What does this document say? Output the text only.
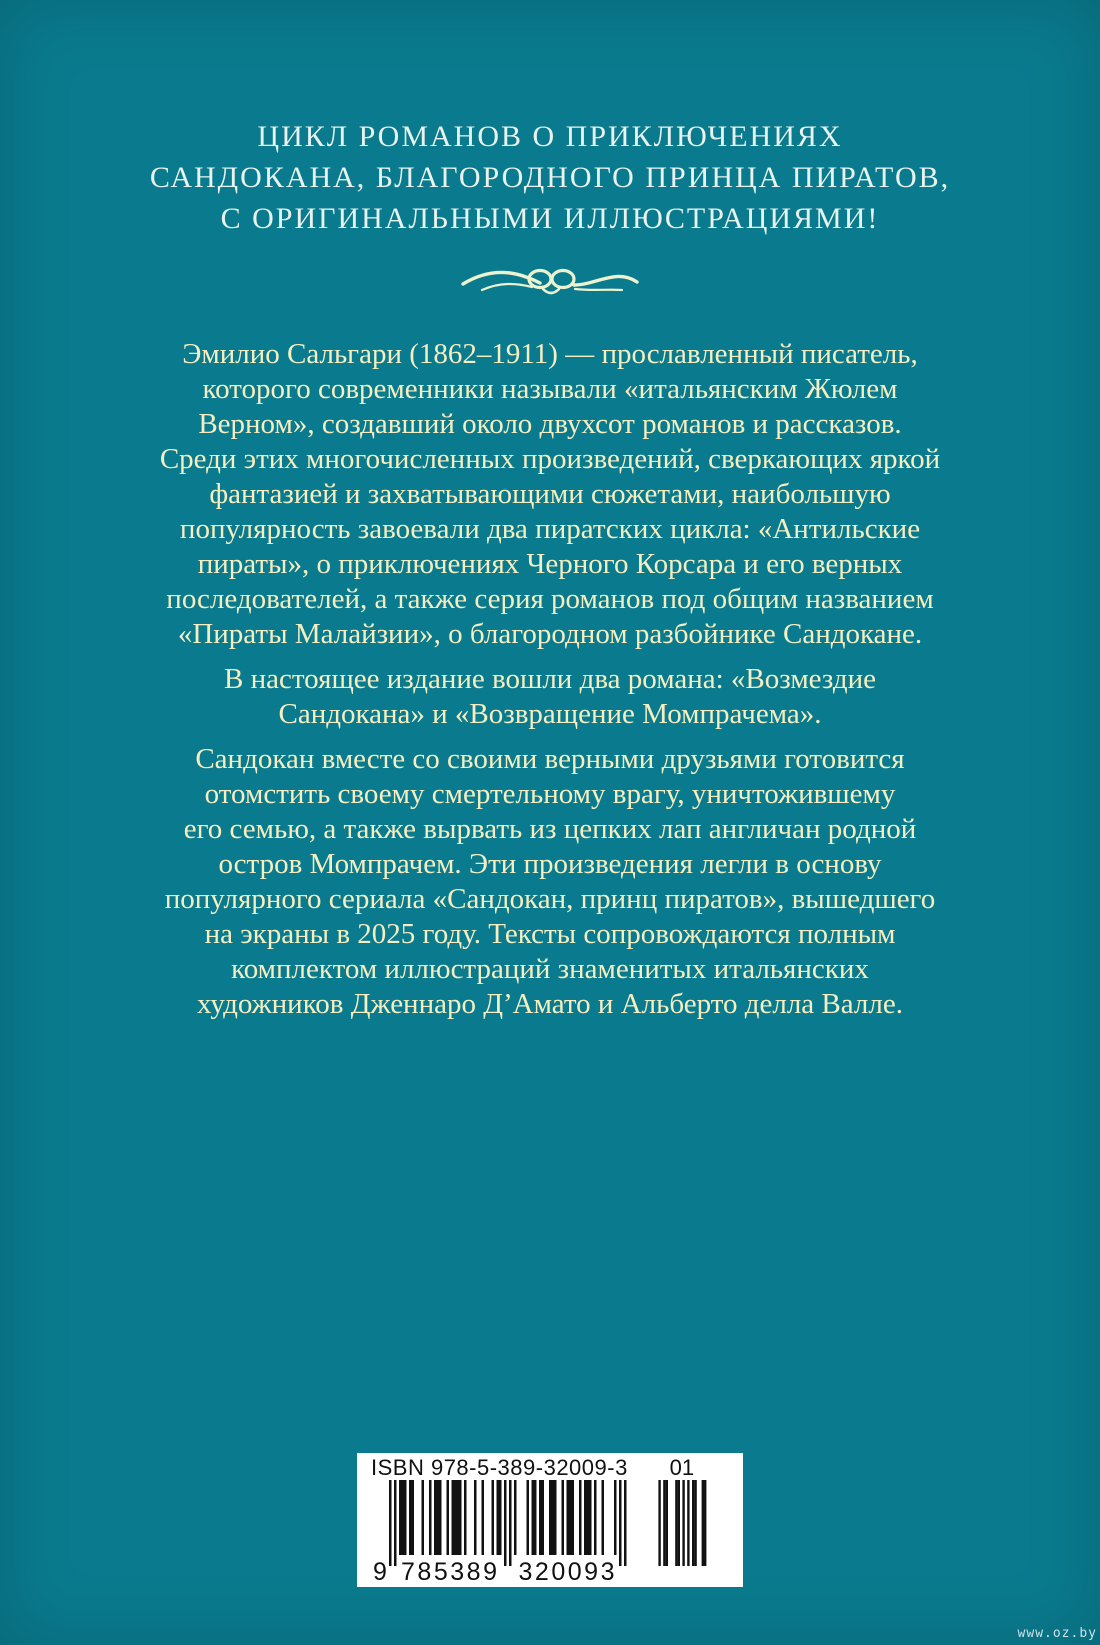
ЦИКЛ РОМАНОВ О ПРИКЛЮЧЕНИЯХ
САНДОКАНА, БЛАГОРОДНОГО ПРИНЦА ПИРАТОВ,
С ОРИГИНАЛЬНЫМИ ИЛЛЮСТРАЦИЯМИ!
Эмилио Сальгари (1862–1911) — прославленный писатель,
которого современники называли «итальянским Жюлем
Верном», создавший около двухсот романов и рассказов.
Среди этих многочисленных произведений, сверкающих яркой
фантазией и захватывающими сюжетами, наибольшую
популярность завоевали два пиратских цикла: «Антильские
пираты», о приключениях Черного Корсара и его верных
последователей, а также серия романов под общим названием
«Пираты Малайзии», о благородном разбойнике Сандокане.
В настоящее издание вошли два романа: «Возмездие
Сандокана» и «Возвращение Момпрачема».
Сандокан вместе со своими верными друзьями готовится
отомстить своему смертельному врагу, уничтожившему
его семью, а также вырвать из цепких лап англичан родной
остров Момпрачем. Эти произведения легли в основу
популярного сериала «Сандокан, принц пиратов», вышедшего
на экраны в 2025 году. Тексты сопровождаются полным
комплектом иллюстраций знаменитых итальянских
художников Дженнаро Д’Амато и Альберто делла Валле.
ISBN 978-5-389-32009-3
9 785389 320093
01
www.oz.by
